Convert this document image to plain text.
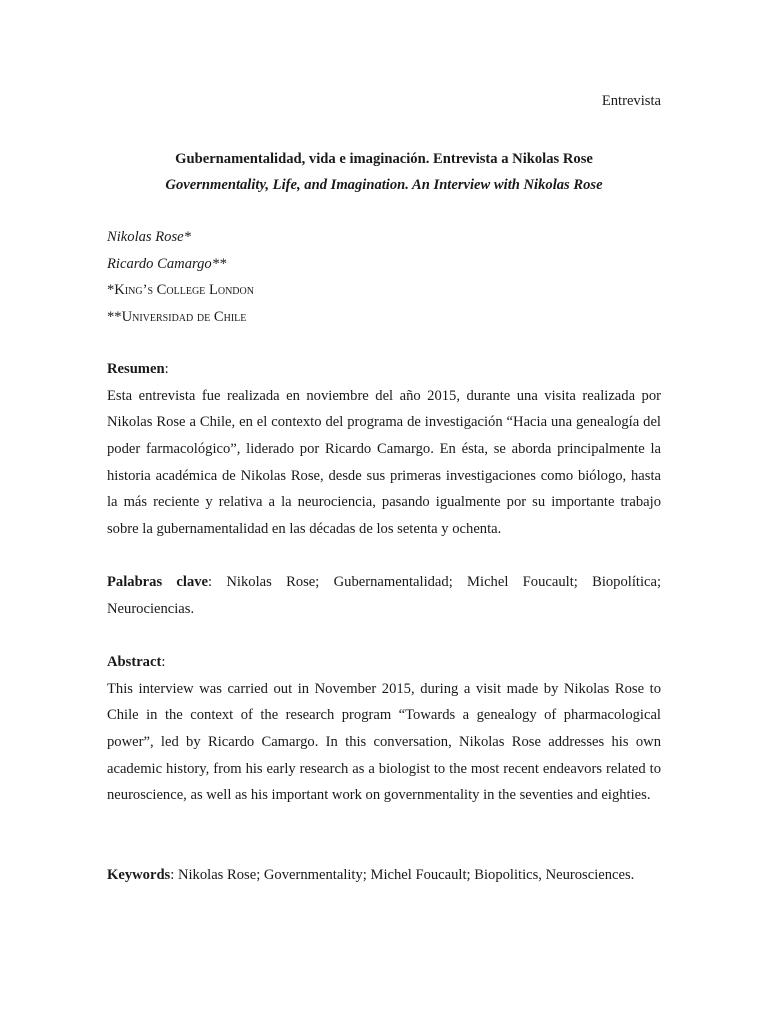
Entrevista
Gubernamentalidad, vida e imaginación. Entrevista a Nikolas Rose
Governmentality, Life, and Imagination. An Interview with Nikolas Rose
Nikolas Rose*
Ricardo Camargo**
*King’s College London
**Universidad de Chile
Resumen:

Esta entrevista fue realizada en noviembre del año 2015, durante una visita realizada por Nikolas Rose a Chile, en el contexto del programa de investigación “Hacia una genealogía del poder farmacológico”, liderado por Ricardo Camargo. En ésta, se aborda principalmente la historia académica de Nikolas Rose, desde sus primeras investigaciones como biólogo, hasta la más reciente y relativa a la neurociencia, pasando igualmente por su importante trabajo sobre la gubernamentalidad en las décadas de los setenta y ochenta.

Palabras clave: Nikolas Rose; Gubernamentalidad; Michel Foucault; Biopolítica; Neurociencias.

Abstract:

This interview was carried out in November 2015, during a visit made by Nikolas Rose to Chile in the context of the research program “Towards a genealogy of pharmacological power”, led by Ricardo Camargo. In this conversation, Nikolas Rose addresses his own academic history, from his early research as a biologist to the most recent endeavors related to neuroscience, as well as his important work on governmentality in the seventies and eighties.

Keywords: Nikolas Rose; Governmentality; Michel Foucault; Biopolitics, Neurosciences.
